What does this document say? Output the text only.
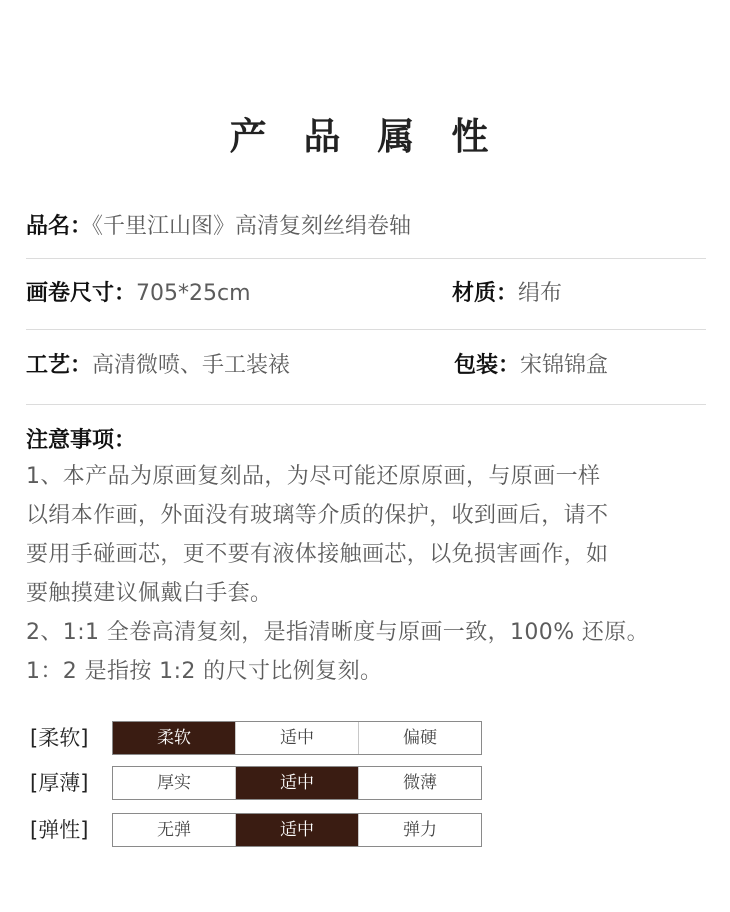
产 品 属 性
品名：《千里江山图》高清复刻丝绢卷轴
画卷尺寸：705*25cm	材质：绢布
工艺：高清微喷、手工装裱	包装：宋锦锦盒
注意事项：
1、本产品为原画复刻品，为尽可能还原原画，与原画一样
以绢本作画，外面没有玻璃等介质的保护，收到画后，请不
要用手碰画芯，更不要有液体接触画芯，以免损害画作，如
要触摸建议佩戴白手套。
2、1:1 全卷高清复刻，是指清晰度与原画一致，100% 还原。
1：2 是指按 1:2 的尺寸比例复刻。
[柔软]	柔软	适中	偏硬
[厚薄]	厚实	适中	微薄
[弹性]	无弹	适中	弹力
